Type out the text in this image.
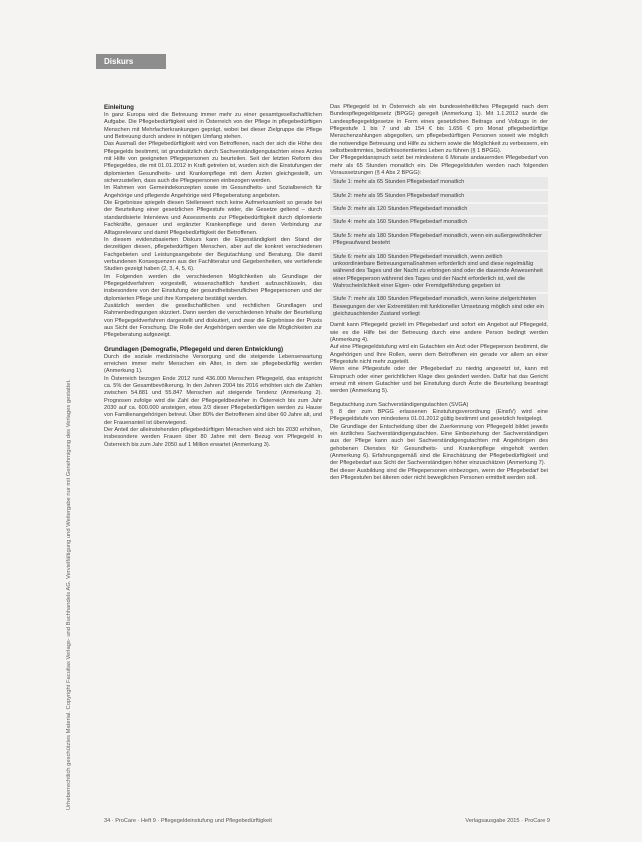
Diskurs
Urheberrechtlich geschütztes Material. Copyright Facultas Verlags- und Buchhandels AG. Vervielfältigung und Weitergabe nur mit Genehmigung des Verlages gestattet.
Einleitung

In ganz Europa wird die Betreuung immer mehr zu einer gesamtgesellschaftlichen Aufgabe. Die Pflegebedürftigkeit wird in Österreich von der Pflege in pflegebedürftigen Menschen mit Mehrfacherkrankungen geprägt, wobei bei dieser Zielgruppe die Pflege und Betreuung durch andere in nötigen Umfang stehen.

Das Ausmaß der Pflegebedürftigkeit wird von Betroffenen, nach der sich die Höhe des Pflegegelds bestimmt, ist grundsätzlich durch Sachverständigengutachten eines Arztes mit Hilfe von geeigneten Pflegepersonen zu beurteilen. Seit der letzten Reform des Pflegegeldes, die mit 01.01.2012 in Kraft getreten ist, wurden sich die Einstufungen der diplomierten Gesundheits- und Krankenpflege mit dem Ärzten gleichgestellt, um sicherzustellen, dass auch die Pflegepersonen einbezogen werden.

Im Rahmen von Gemeindekonzepten sowie im Gesundheits- und Sozialbereich für Angehörige und pflegende Angehörige wird Pflegeberatung angeboten.

Die Ergebnisse spiegeln diesen Stellenwert noch keine Aufmerksamkeit so gerade bei der Beurteilung einer gesetzlichen Pflegestufe wider, die Gesetze geltend – durch standardisierte Interviews und Assessments zur Pflegebedürftigkeit durch diplomierte Fachkräfte, genauer und ergänzter Krankenpflege und deren Verbindung zur Alltagsrelevanz und damit Pflegebedürftigkeit der Betroffenen.

In diesem evidenzbasierten Diskurs kann die Eigenständigkeit den Stand der derzeitigen diesen, pflegebedürftigen Menschen, aber auf die konkret verschiedenen Fachgebieten und Leistungsangebote der Begutachtung und Beratung. Die damit verbundenen Konsequenzen aus der Fachliteratur und Gegebenheiten, wie vertiefende Studien gezeigt haben (2, 3, 4, 5, 6).

Im Folgenden werden die verschiedenen Möglichkeiten als Grundlage der Pflegegeldverfahren vorgestellt, wissenschaftlich fundiert aufzuschlüsseln, das insbesondere von der Einstufung der gesundheitsberuflichen Pflegepersonen und der diplomierten Pflege und ihre Kompetenz bestätigt werden.

Zusätzlich werden die gesellschaftlichen und rechtlichen Grundlagen und Rahmenbedingungen skizziert. Dann werden die verschiedenen Inhalte der Beurteilung von Pflegegeldverfahren dargestellt und diskutiert, und zwar die Ergebnisse der Praxis aus Sicht der Forschung. Die Rolle der Angehörigen werden wie die Möglichkeiten zur Pflegeberatung aufgezeigt.

Grundlagen (Demografie, Pflegegeld und deren Entwicklung)

Durch die soziale medizinische Versorgung und die steigende Lebenserwartung erreichen immer mehr Menschen ein Alter, in dem sie pflegebedürftig werden (Anmerkung 1).

In Österreich bezogen Ende 2012 rund 436.000 Menschen Pflegegeld, das entspricht ca. 5% der Gesamtbevölkerung. In den Jahren 2004 bis 2016 erhöhten sich die Zahlen zwischen 54.881 und 55.847 Menschen auf steigende Tendenz (Anmerkung 2). Prognosen zufolge wird die Zahl der Pflegegeldbezieher in Österreich bis zum Jahr 2030 auf ca. 600.000 ansteigen, etwa 2/3 dieser Pflegebedürftigen werden zu Hause von Familienangehörigen betreut. Über 80% der Betroffenen sind über 60 Jahre alt, und der Frauenanteil ist überwiegend.

Der Anteil der alleinstehenden pflegebedürftigen Menschen wird sich bis 2030 erhöhen, insbesondere werden Frauen über 80 Jahre mit dem Bezug von Pflegegeld in Österreich bis zum Jahr 2050 auf 1 Million erwartet (Anmerkung 3).

Das Pflegegeld ist in Österreich als ein bundeseinheitliches Pflegegeld nach dem Bundespflegegeldgesetz (BPGG) geregelt (Anmerkung 1). Mit 1.1.2012 wurde die Landespflegegeldgesetze in Form eines gesetzlichen Beitrags und Vollzugs in der Pflegestufe 1 bis 7 und ab 154 € bis 1.656 € pro Monat pflegebedürftige Menschenzahlungen abgegolten, um pflegebedürftigen Personen soweit wie möglich die notwendige Betreuung und Hilfe zu sichern sowie die Möglichkeit zu verbessern, ein selbstbestimmtes, bedürfnisorientiertes Leben zu führen (§ 1 BPGG).

Der Pflegegeldanspruch setzt bei mindestens 6 Monate andauernden Pflegebedarf von mehr als 65 Stunden monatlich ein. Die Pflegegeldstufen werden nach folgenden Voraussetzungen (§ 4 Abs 2 BPGG):

Stufe 1: mehr als 65 Stunden Pflegebedarf monatlich

Stufe 2: mehr als 95 Stunden Pflegebedarf monatlich

Stufe 3: mehr als 120 Stunden Pflegebedarf monatlich

Stufe 4: mehr als 160 Stunden Pflegebedarf monatlich

Stufe 5: mehr als 180 Stunden Pflegebedarf monatlich, wenn ein außergewöhnlicher Pflegeaufwand besteht

Stufe 6: mehr als 180 Stunden Pflegebedarf monatlich, wenn zeitlich unkoordinierbare Betreuungsmaßnahmen erforderlich sind und diese regelmäßig während des Tages und der Nacht zu erbringen sind oder die dauernde Anwesenheit einer Pflegeperson während des Tages und der Nacht erforderlich ist, weil die Wahrscheinlichkeit einer Eigen- oder Fremdgefährdung gegeben ist

Stufe 7: mehr als 180 Stunden Pflegebedarf monatlich, wenn keine zielgerichteten Bewegungen der vier Extremitäten mit funktioneller Umsetzung möglich sind oder ein gleichzuachtender Zustand vorliegt

Damit kann Pflegegeld gezielt im Pflegebedarf und sofort ein Angebot auf Pflegegeld, wie es die Hilfe bei der Betreuung durch eine andere Person bedingt werden (Anmerkung 4).

Auf eine Pflegegeldstufung wird ein Gutachten ein Arzt oder Pflegeperson bestimmt, die Angehörigen und Ihre Rollen, wenn dem Betroffenen ein gerade vor allem an einer Pflegestufe nicht mehr zugeteilt.

Wenn eine Pflegestufe oder der Pflegebedarf zu niedrig angesetzt ist, kann mit Einspruch oder einer gerichtlichen Klage dies geändert werden. Dafür hat das Gericht erneut mit einem Gutachter und bei Einstufung durch Ärzte die Beurteilung beantragt werden (Anmerkung 5).

Begutachtung zum Sachverständigengutachten (SVGA)

§ 8 der zum BPGG erlassenen Einstufungsverordnung (EinstV) wird eine Pflegegeldstufe von mindestens 01.01.2012 gültig bestimmt und gesetzlich festgelegt.

Die Grundlage der Entscheidung über die Zuerkennung von Pflegegeld bildet jeweils ein ärztliches Sachverständigengutachten. Eine Einbeziehung der Sachverständigen aus der Pflege kann auch bei Sachverständigengutachten mit Angehörigen des gehobenen Dienstes für Gesundheits- und Krankenpflege eingeholt werden (Anmerkung 6). Erfahrungsgemäß sind die Einschätzung der Pflegebedürftigkeit und der Pflegebedarf aus Sicht der Sachverständigen höher einzuschätzen (Anmerkung 7).

Bei dieser Ausbildung sind die Pflegepersonen einbezogen, wenn der Pflegebedarf bei den Pflegestufen bei älteren oder nicht beweglichen Personen ermittelt werden soll.

34 · ProCare · Heft 9 · Pflegegeldeinstufung und Pflegebedürftigkeit	Verlagsausgabe 2015 · ProCare 9
